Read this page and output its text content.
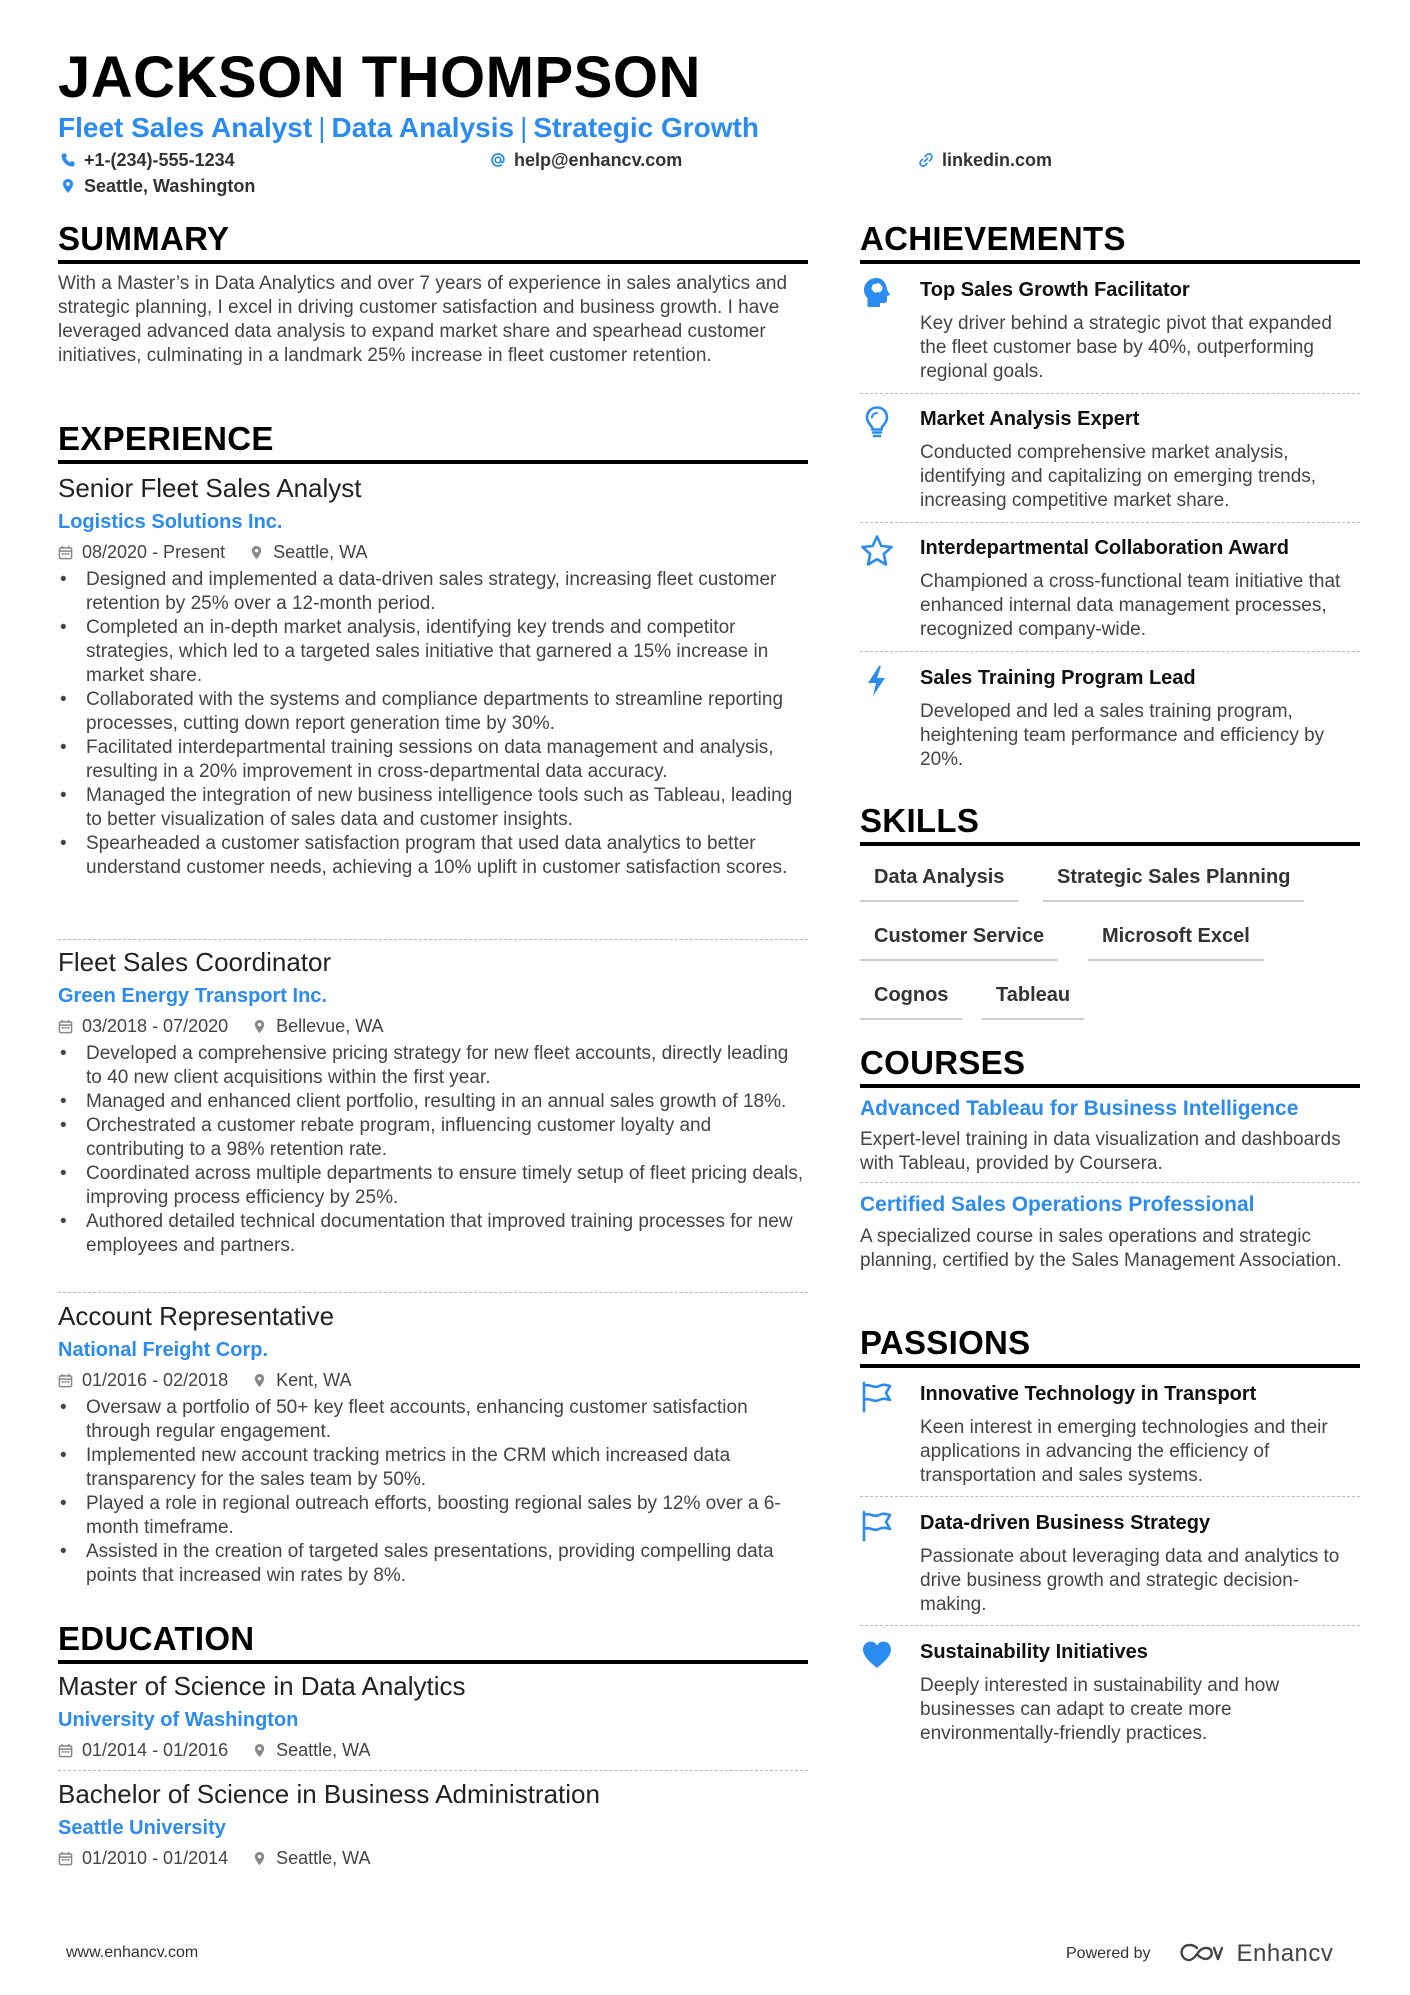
JACKSON THOMPSON
Fleet Sales Analyst | Data Analysis | Strategic Growth
+1-(234)-555-1234	help@enhancv.com	linkedin.com
Seattle, Washington
SUMMARY
With a Master’s in Data Analytics and over 7 years of experience in sales analytics and strategic planning, I excel in driving customer satisfaction and business growth. I have leveraged advanced data analysis to expand market share and spearhead customer initiatives, culminating in a landmark 25% increase in fleet customer retention.
EXPERIENCE
Senior Fleet Sales Analyst
Logistics Solutions Inc.
08/2020 - Present	Seattle, WA
• Designed and implemented a data-driven sales strategy, increasing fleet customer retention by 25% over a 12-month period.
• Completed an in-depth market analysis, identifying key trends and competitor strategies, which led to a targeted sales initiative that garnered a 15% increase in market share.
• Collaborated with the systems and compliance departments to streamline reporting processes, cutting down report generation time by 30%.
• Facilitated interdepartmental training sessions on data management and analysis, resulting in a 20% improvement in cross-departmental data accuracy.
• Managed the integration of new business intelligence tools such as Tableau, leading to better visualization of sales data and customer insights.
• Spearheaded a customer satisfaction program that used data analytics to better understand customer needs, achieving a 10% uplift in customer satisfaction scores.
Fleet Sales Coordinator
Green Energy Transport Inc.
03/2018 - 07/2020	Bellevue, WA
• Developed a comprehensive pricing strategy for new fleet accounts, directly leading to 40 new client acquisitions within the first year.
• Managed and enhanced client portfolio, resulting in an annual sales growth of 18%.
• Orchestrated a customer rebate program, influencing customer loyalty and contributing to a 98% retention rate.
• Coordinated across multiple departments to ensure timely setup of fleet pricing deals, improving process efficiency by 25%.
• Authored detailed technical documentation that improved training processes for new employees and partners.
Account Representative
National Freight Corp.
01/2016 - 02/2018	Kent, WA
• Oversaw a portfolio of 50+ key fleet accounts, enhancing customer satisfaction through regular engagement.
• Implemented new account tracking metrics in the CRM which increased data transparency for the sales team by 50%.
• Played a role in regional outreach efforts, boosting regional sales by 12% over a 6-month timeframe.
• Assisted in the creation of targeted sales presentations, providing compelling data points that increased win rates by 8%.
EDUCATION
Master of Science in Data Analytics
University of Washington
01/2014 - 01/2016	Seattle, WA
Bachelor of Science in Business Administration
Seattle University
01/2010 - 01/2014	Seattle, WA
ACHIEVEMENTS
Top Sales Growth Facilitator
Key driver behind a strategic pivot that expanded the fleet customer base by 40%, outperforming regional goals.
Market Analysis Expert
Conducted comprehensive market analysis, identifying and capitalizing on emerging trends, increasing competitive market share.
Interdepartmental Collaboration Award
Championed a cross-functional team initiative that enhanced internal data management processes, recognized company-wide.
Sales Training Program Lead
Developed and led a sales training program, heightening team performance and efficiency by 20%.
SKILLS
Data Analysis	Strategic Sales Planning
Customer Service	Microsoft Excel
Cognos	Tableau
COURSES
Advanced Tableau for Business Intelligence
Expert-level training in data visualization and dashboards with Tableau, provided by Coursera.
Certified Sales Operations Professional
A specialized course in sales operations and strategic planning, certified by the Sales Management Association.
PASSIONS
Innovative Technology in Transport
Keen interest in emerging technologies and their applications in advancing the efficiency of transportation and sales systems.
Data-driven Business Strategy
Passionate about leveraging data and analytics to drive business growth and strategic decision-making.
Sustainability Initiatives
Deeply interested in sustainability and how businesses can adapt to create more environmentally-friendly practices.
www.enhancv.com	Powered by	Enhancv
